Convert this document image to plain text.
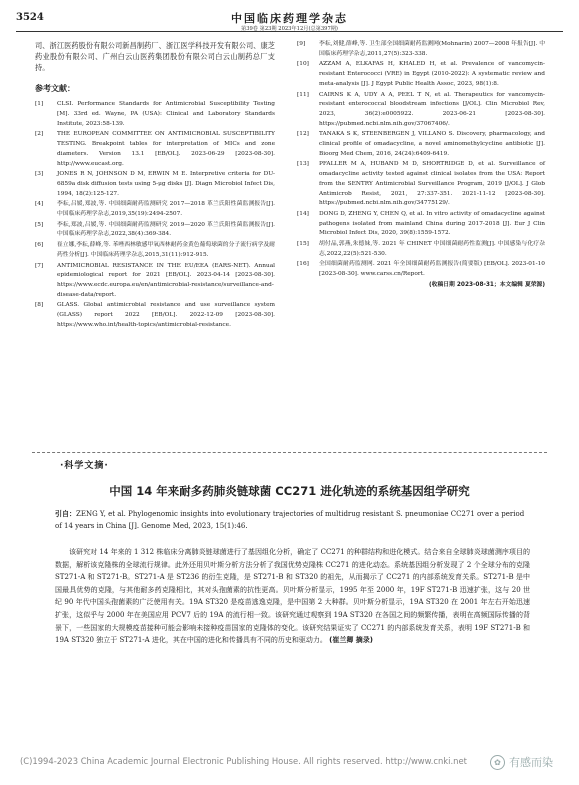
3524	中国临床药理学杂志
第39卷 第23期 2023年12月(总第397期)
司、浙江医药股份有限公司新昌制药厂、浙江医学科技开发有限公司、康芝药业股份有限公司、广州白云山医药集团股份有限公司白云山制药总厂支持。
参考文献：
[1]	CLSI. Performance Standards for Antimicrobial Susceptibility Testing [M]. 33rd ed. Wayne, PA (USA): Clinical and Laboratory Standards Institute, 2023:58-139.
[2]	THE EUROPEAN COMMITTEE ON ANTIMICROBIAL SUSCEPTIBILITY TESTING. Breakpoint tables for interpretation of MICs and zone diameters. Version 13.1 [EB/OL]. 2023-06-29 [2023-08-30]. http://www.eucast.org.
[3]	JONES R N, JOHNSON D M, ERWIN M E. Interpretive criteria for DU-6859a disk diffusion tests using 5-μg disks [J]. Diagn Microbiol Infect Dis, 1994, 18(2):125-127.
[4]	李耘,吕媛,郑波,等. 中国细菌耐药监测研究 2017—2018 革兰氏阳性菌监测报告[J]. 中国临床药理学杂志,2019,35(19):2494-2507.
[5]	李耘,郑波,吕媛,等. 中国细菌耐药监测研究 2019—2020 革兰氏阳性菌监测报告[J]. 中国临床药理学杂志,2022,38(4):369-384.
[6]	崔立娜,李耘,薛峰,等. 苯唑西林敏感甲氧西林耐药金黄色葡萄球菌的分子流行病学及耐药性分析[J]. 中国临床药理学杂志,2015,31(11):912-915.
[7]	ANTIMICROBIAL RESISTANCE IN THE EU/EEA (EARS-NET). Annual epidemiological report for 2021 [EB/OL]. 2023-04-14 [2023-08-30]. https://www.ecdc.europa.eu/en/antimicrobial-resistance/surveillance-and-disease-data/report.
[8]	GLASS. Global antimicrobial resistance and use surveillance system (GLASS) report 2022 [EB/OL]. 2022-12-09 [2023-08-30]. https://www.who.int/health-topics/antimicrobial-resistance.
[9]	李耘,刘健,薛峰,等. 卫生部全国细菌耐药监测网(Mohnarin) 2007—2008 年报告[J]. 中国临床药理学杂志,2011,27(5):323-338.
[10]	AZZAM A, ELKAFAS H, KHALED H, et al. Prevalence of vancomycin-resistant Enterococci (VRE) in Egypt (2010-2022): A systematic review and meta-analysis [J]. J Egypt Public Health Assoc, 2023, 98(1):8.
[11]	CAIRNS K A, UDY A A, PEEL T N, et al. Therapeutics for vancomycin-resistant enterococcal bloodstream infections [J/OL]. Clin Microbiol Rev, 2023, 36(2):e0005922. 2023-06-21 [2023-08-30]. https://pubmed.ncbi.nlm.nih.gov/37067406/.
[12]	TANAKA S K, STEENBERGEN J, VILLANO S. Discovery, pharmacology, and clinical profile of omadacycline, a novel aminomethylcycline antibiotic [J]. Bioorg Med Chem, 2016, 24(24):6409-6419.
[13]	PFALLER M A, HUBAND M D, SHORTRIDGE D, et al. Surveillance of omadacycline activity tested against clinical isolates from the USA: Report from the SENTRY Antimicrobial Surveillance Program, 2019 [J/OL]. J Glob Antimicrob Resist, 2021, 27:337-351. 2021-11-12 [2023-08-30]. https://pubmed.ncbi.nlm.nih.gov/34775129/.
[14]	DONG D, ZHENG Y, CHEN Q, et al. In vitro activity of omadacycline against pathogens isolated from mainland China during 2017-2018 [J]. Eur J Clin Microbiol Infect Dis, 2020, 39(8):1559-1572.
[15]	胡付品,郭燕,朱德妹,等. 2021 年 CHINET 中国细菌耐药性监测[J]. 中国感染与化疗杂志,2022,22(5):521-530.
[16]	全国细菌耐药监测网. 2021 年全国细菌耐药监测报告(简要版) [EB/OL]. 2023-01-10 [2023-08-30]. www.carss.cn/Report.
(收稿日期 2023-08-31；本文编辑 夏荣源)
·科学文摘·
中国 14 年来耐多药肺炎链球菌 CC271 进化轨迹的系统基因组学研究
引自：ZENG Y, et al. Phylogenomic insights into evolutionary trajectories of multidrug resistant S. pneumoniae CC271 over a period of 14 years in China [J]. Genome Med, 2023, 15(1):46.
该研究对 14 年来的 1 312 株临床分离肺炎链球菌进行了基因组化分析，确定了 CC271 的种群结构和进化模式。结合来自全球肺炎球菌测序项目的数据，解析该克隆株的全球流行规律。此外还用贝叶斯分析方法分析了我国优势克隆株 CC271 的进化动态。系统基因组分析发现了 2 个全球分布的克隆 ST271-A 和 ST271-B。ST271-A 是 ST236 的衍生克隆，是 ST271-B 和 ST320 的祖先，从而揭示了 CC271 的内部系统发育关系。ST271-B 是中国最具优势的克隆，与其他耐多药克隆相比，其对头孢菌素的抗性更高。贝叶斯分析显示，1995 年至 2000 年，19F ST271-B 迅速扩张，这与 20 世纪 90 年代中国头孢菌素的广泛使用有关。19A ST320 是疫苗逃逸克隆，是中国第 2 大种群。贝叶斯分析显示，19A ST320 在 2001 年左右开始迅速扩张，这似乎与 2000 年在美国应用 PCV7 后的 19A 的流行相一致。该研究通过观察到 19A ST320 在各国之间的频繁传播，表明在高频国际传播的背景下，一些国家的大规模疫苗接种可能会影响未接种疫苗国家的克隆体的变化。该研究结果证实了 CC271 的内部系统发育关系，表明 19F ST271-B 和 19A ST320 独立于 ST271-A 进化，其在中国的进化和传播具有不同的历史和驱动力。 (崔兰卿 摘录)
(C)1994-2023 China Academic Journal Electronic Publishing House. All rights reserved. http://www.cnki.net	✿ 有感而染
